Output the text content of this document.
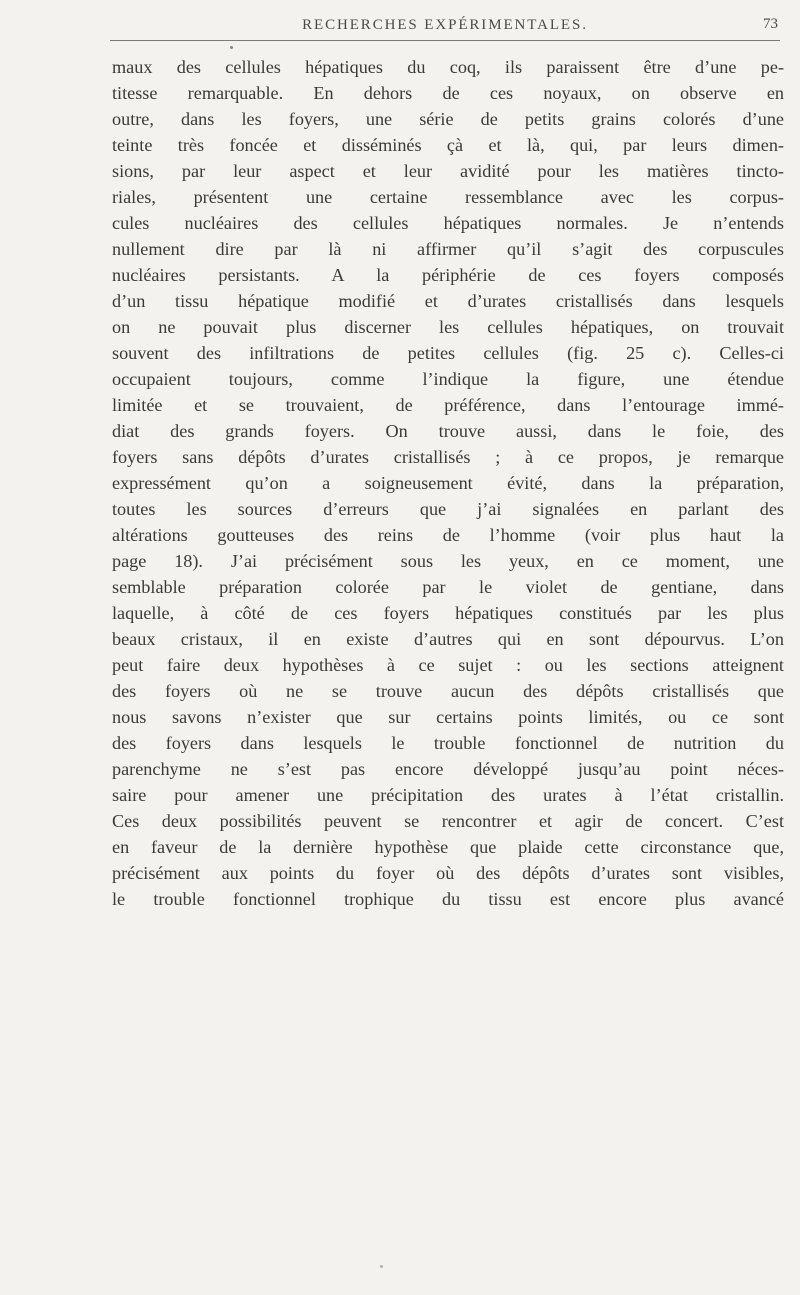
RECHERCHES EXPÉRIMENTALES.	73
maux des cellules hépatiques du coq, ils paraissent être d’une pe-
titesse remarquable. En dehors de ces noyaux, on observe en
outre, dans les foyers, une série de petits grains colorés d’une
teinte très foncée et disséminés çà et là, qui, par leurs dimen-
sions, par leur aspect et leur avidité pour les matières tincto-
riales, présentent une certaine ressemblance avec les corpus-
cules nucléaires des cellules hépatiques normales. Je n’entends
nullement dire par là ni affirmer qu’il s’agit des corpuscules
nucléaires persistants. A la périphérie de ces foyers composés
d’un tissu hépatique modifié et d’urates cristallisés dans lesquels
on ne pouvait plus discerner les cellules hépatiques, on trouvait
souvent des infiltrations de petites cellules (fig. 25 c). Celles-ci
occupaient toujours, comme l’indique la figure, une étendue
limitée et se trouvaient, de préférence, dans l’entourage immé-
diat des grands foyers. On trouve aussi, dans le foie, des
foyers sans dépôts d’urates cristallisés ; à ce propos, je remarque
expressément qu’on a soigneusement évité, dans la préparation,
toutes les sources d’erreurs que j’ai signalées en parlant des
altérations goutteuses des reins de l’homme (voir plus haut la
page 18). J’ai précisément sous les yeux, en ce moment, une
semblable préparation colorée par le violet de gentiane, dans
laquelle, à côté de ces foyers hépatiques constitués par les plus
beaux cristaux, il en existe d’autres qui en sont dépourvus. L’on
peut faire deux hypothèses à ce sujet : ou les sections atteignent
des foyers où ne se trouve aucun des dépôts cristallisés que
nous savons n’exister que sur certains points limités, ou ce sont
des foyers dans lesquels le trouble fonctionnel de nutrition du
parenchyme ne s’est pas encore développé jusqu’au point néces-
saire pour amener une précipitation des urates à l’état cristallin.
Ces deux possibilités peuvent se rencontrer et agir de concert. C’est
en faveur de la dernière hypothèse que plaide cette circonstance que,
précisément aux points du foyer où des dépôts d’urates sont visibles,
le trouble fonctionnel trophique du tissu est encore plus avancé
